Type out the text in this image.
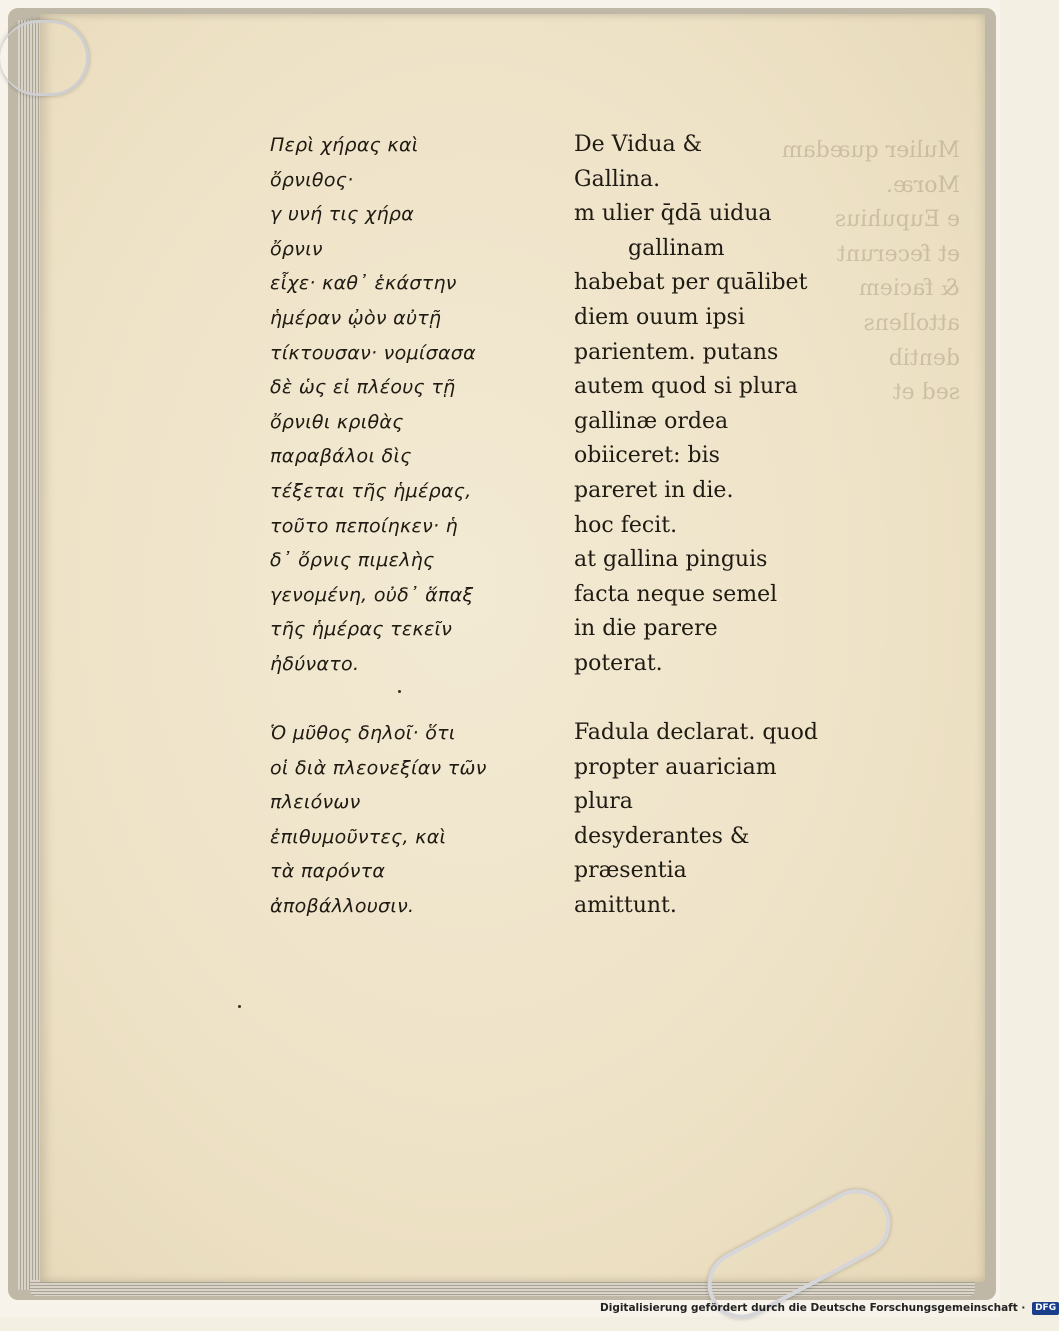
Mulier quædam
Moræ.
e Eupuhius
et fecerunt
& faciem
attollens
dentib
sed et
Περὶ χήρας καὶ
ὄρνιθος·
γ υνή τις χήρα
ὄρνιν
εἶχε· καθ᾽ ἑκάστην
ἡμέραν ᾠὸν αὐτῇ
τίκτουσαν· νομίσασα
δὲ ὡς εἰ πλέους τῇ
ὄρνιθι κριθὰς
παραβάλοι δὶς
τέξεται τῆς ἡμέρας,
τοῦτο πεποίηκεν· ἡ
δ᾽ ὄρνις πιμελὴς
γενομένη, οὐδ᾽ ἅπαξ
τῆς ἡμέρας τεκεῖν
ἠδύνατο.
Ὁ μῦθος δηλοῖ· ὅτι
οἱ διὰ πλεονεξίαν τῶν
πλειόνων
ἐπιθυμοῦντες, καὶ
τὰ παρόντα
ἀποβάλλουσιν.
De Vidua &
Gallina.
m ulier q̄dā uidua
gallinam
habebat per quālibet
diem ouum ipsi
parientem. putans
autem quod si plura
gallinæ ordea
obiiceret: bis
pareret in die.
hoc fecit.
at gallina pinguis
facta neque semel
in die parere
poterat.
Fadula declarat. quod
propter auariciam
plura
desyderantes &
præsentia
amittunt.
Digitalisierung gefördert durch die Deutsche Forschungsgemeinschaft · DFG
